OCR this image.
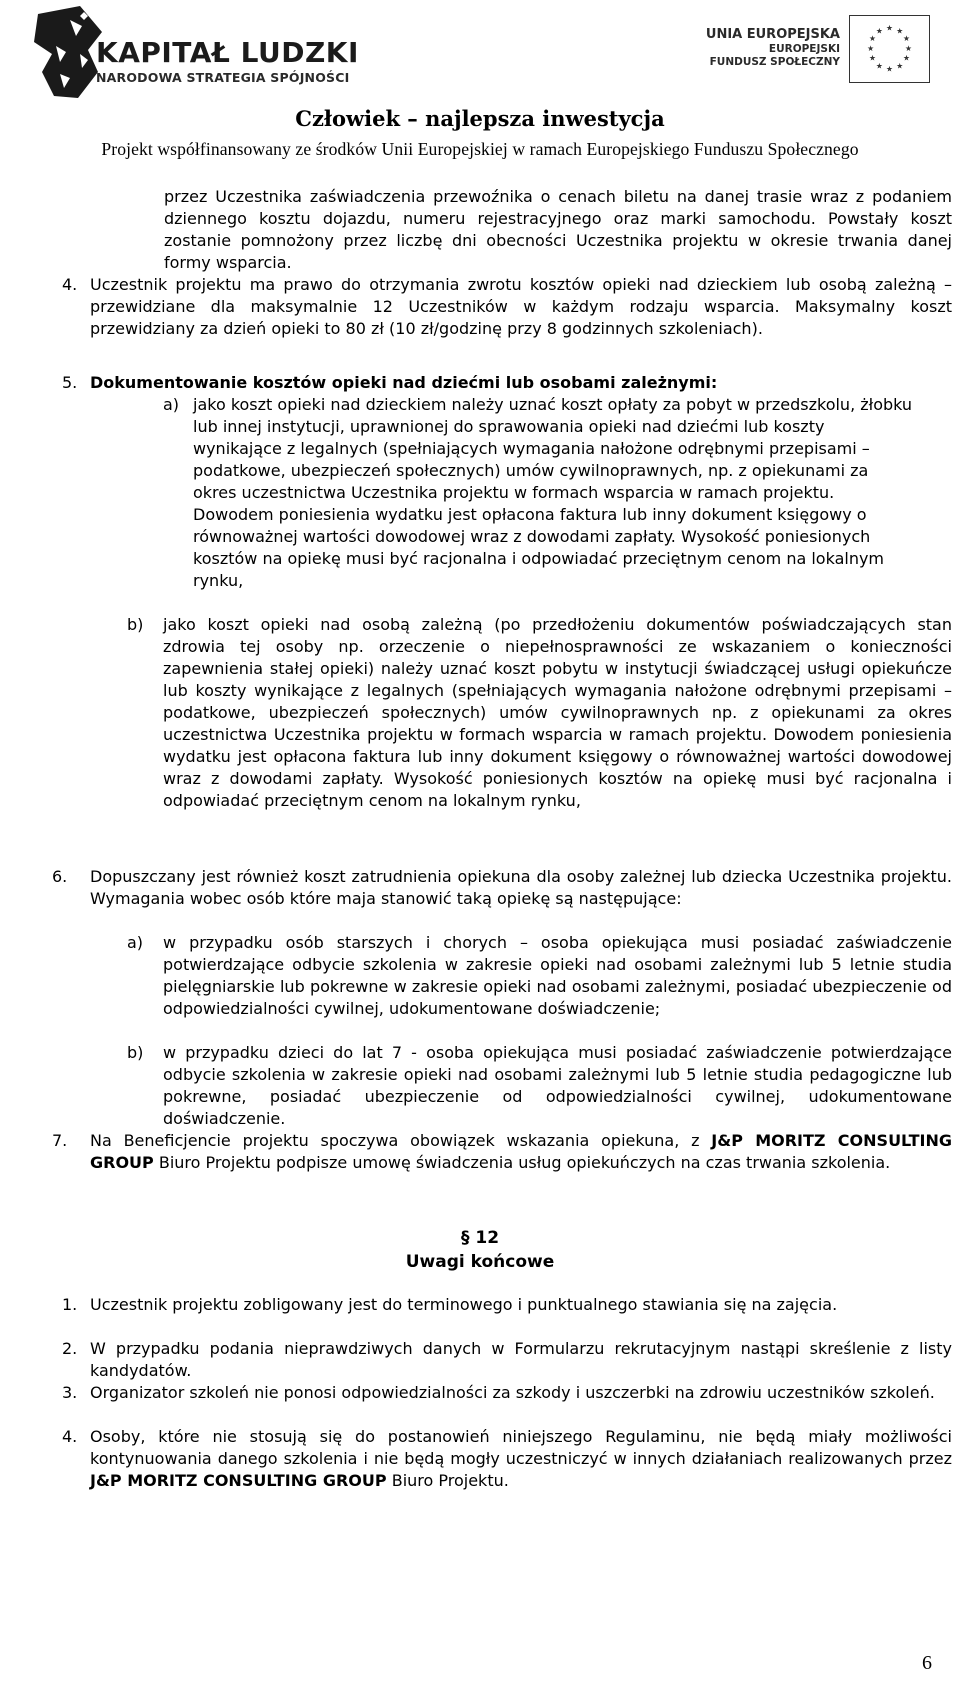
KAPITAŁ LUDZKI
NARODOWA STRATEGIA SPÓJNOŚCI
UNIA EUROPEJSKA
EUROPEJSKI
FUNDUSZ SPOŁECZNY
★ ★
★
★
★
★
★
★
★
★
★
★
Człowiek – najlepsza inwestycja
Projekt współfinansowany ze środków Unii Europejskiej w ramach Europejskiego Funduszu Społecznego
przez Uczestnika zaświadczenia przewoźnika o cenach biletu na danej trasie wraz z podaniem dziennego kosztu dojazdu, numeru rejestracyjnego oraz marki samochodu. Powstały koszt zostanie pomnożony przez liczbę dni obecności Uczestnika projektu w okresie trwania danej formy wsparcia.
4. Uczestnik projektu ma prawo do otrzymania zwrotu kosztów opieki nad dzieckiem lub osobą zależną – przewidziane dla maksymalnie 12 Uczestników w każdym rodzaju wsparcia. Maksymalny koszt przewidziany za dzień opieki to 80 zł (10 zł/godzinę przy 8 godzinnych szkoleniach).
5. Dokumentowanie kosztów opieki nad dziećmi lub osobami zależnymi:
a) jako koszt opieki nad dzieckiem należy uznać koszt opłaty za pobyt w przedszkolu, żłobku lub innej instytucji, uprawnionej do sprawowania opieki nad dziećmi lub koszty wynikające z legalnych (spełniających wymagania nałożone odrębnymi przepisami – podatkowe, ubezpieczeń społecznych) umów cywilnoprawnych, np. z opiekunami za okres uczestnictwa Uczestnika projektu w formach wsparcia w ramach projektu. Dowodem poniesienia wydatku jest opłacona faktura lub inny dokument księgowy o równoważnej wartości dowodowej wraz z dowodami zapłaty. Wysokość poniesionych kosztów na opiekę musi być racjonalna i odpowiadać przeciętnym cenom na lokalnym rynku,
b) jako koszt opieki nad osobą zależną (po przedłożeniu dokumentów poświadczających stan zdrowia tej osoby np. orzeczenie o niepełnosprawności ze wskazaniem o konieczności zapewnienia stałej opieki) należy uznać koszt pobytu w instytucji świadczącej usługi opiekuńcze lub koszty wynikające z legalnych (spełniających wymagania nałożone odrębnymi przepisami – podatkowe, ubezpieczeń społecznych) umów cywilnoprawnych np. z opiekunami za okres uczestnictwa Uczestnika projektu w formach wsparcia w ramach projektu. Dowodem poniesienia wydatku jest opłacona faktura lub inny dokument księgowy o równoważnej wartości dowodowej wraz z dowodami zapłaty. Wysokość poniesionych kosztów na opiekę musi być racjonalna i odpowiadać przeciętnym cenom na lokalnym rynku,
6. Dopuszczany jest również koszt zatrudnienia opiekuna dla osoby zależnej lub dziecka Uczestnika projektu. Wymagania wobec osób które maja stanowić taką opiekę są następujące:
a) w przypadku osób starszych i chorych – osoba opiekująca musi posiadać zaświadczenie potwierdzające odbycie szkolenia w zakresie opieki nad osobami zależnymi lub 5 letnie studia pielęgniarskie lub pokrewne w zakresie opieki nad osobami zależnymi, posiadać ubezpieczenie od odpowiedzialności cywilnej, udokumentowane doświadczenie;
b) w przypadku dzieci do lat 7 - osoba opiekująca musi posiadać zaświadczenie potwierdzające odbycie szkolenia w zakresie opieki nad osobami zależnymi lub 5 letnie studia pedagogiczne lub pokrewne, posiadać ubezpieczenie od odpowiedzialności cywilnej, udokumentowane doświadczenie.
7. Na Beneficjencie projektu spoczywa obowiązek wskazania opiekuna, z J&P MORITZ CONSULTING GROUP Biuro Projektu podpisze umowę świadczenia usług opiekuńczych na czas trwania szkolenia.
§ 12
Uwagi końcowe
1. Uczestnik projektu zobligowany jest do terminowego i punktualnego stawiania się na zajęcia.
2. W przypadku podania nieprawdziwych danych w Formularzu rekrutacyjnym nastąpi skreślenie z listy kandydatów.
3. Organizator szkoleń nie ponosi odpowiedzialności za szkody i uszczerbki na zdrowiu uczestników szkoleń.
4. Osoby, które nie stosują się do postanowień niniejszego Regulaminu, nie będą miały możliwości kontynuowania danego szkolenia i nie będą mogły uczestniczyć w innych działaniach realizowanych przez J&P MORITZ CONSULTING GROUP Biuro Projektu.
6
